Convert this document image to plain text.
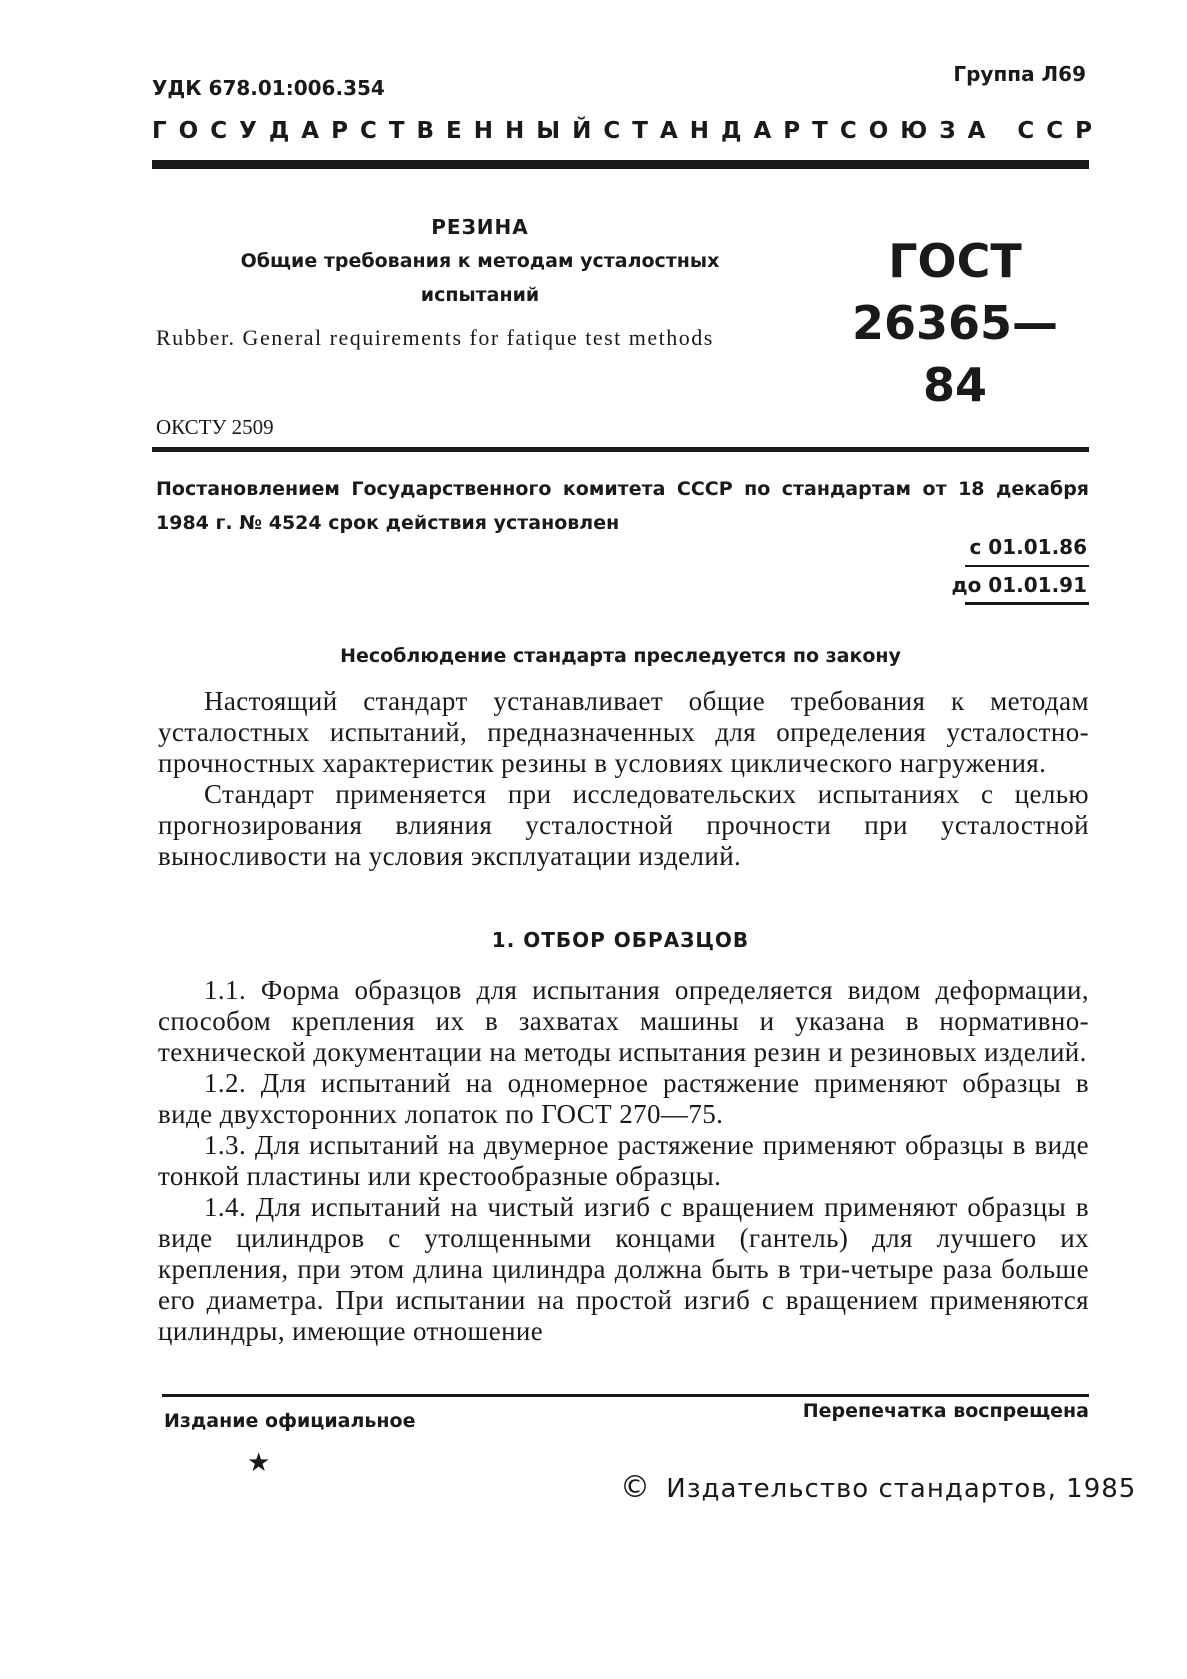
УДК 678.01:006.354
Группа Л69
ГОСУДАРСТВЕННЫЙ СТАНДАРТ СОЮЗА ССР
РЕЗИНА
Общие требования к методам усталостных
испытаний
Rubber. General requirements for fatique test methods
ГОСТ
26365—84
ОКСТУ 2509
Постановлением Государственного комитета СССР по стандартам от 18 декабря 1984 г. № 4524 срок действия установлен
с 01.01.86
до 01.01.91
Несоблюдение стандарта преследуется по закону

Настоящий стандарт устанавливает общие требования к методам усталостных испытаний, предназначенных для определения усталостно-прочностных характеристик резины в условиях циклического нагружения.

Стандарт применяется при исследовательских испытаниях с целью прогнозирования влияния усталостной прочности при усталостной выносливости на условия эксплуатации изделий.

1. ОТБОР ОБРАЗЦОВ

1.1. Форма образцов для испытания определяется видом деформации, способом крепления их в захватах машины и указана в нормативно-технической документации на методы испытания резин и резиновых изделий.

1.2. Для испытаний на одномерное растяжение применяют образцы в виде двухсторонних лопаток по ГОСТ 270—75.

1.3. Для испытаний на двумерное растяжение применяют образцы в виде тонкой пластины или крестообразные образцы.

1.4. Для испытаний на чистый изгиб с вращением применяют образцы в виде цилиндров с утолщенными концами (гантель) для лучшего их крепления, при этом длина цилиндра должна быть в три-четыре раза больше его диаметра. При испытании на простой изгиб с вращением применяются цилиндры, имеющие отношение

Издание официальное	Перепечатка воспрещена
★
© Издательство стандартов, 1985
